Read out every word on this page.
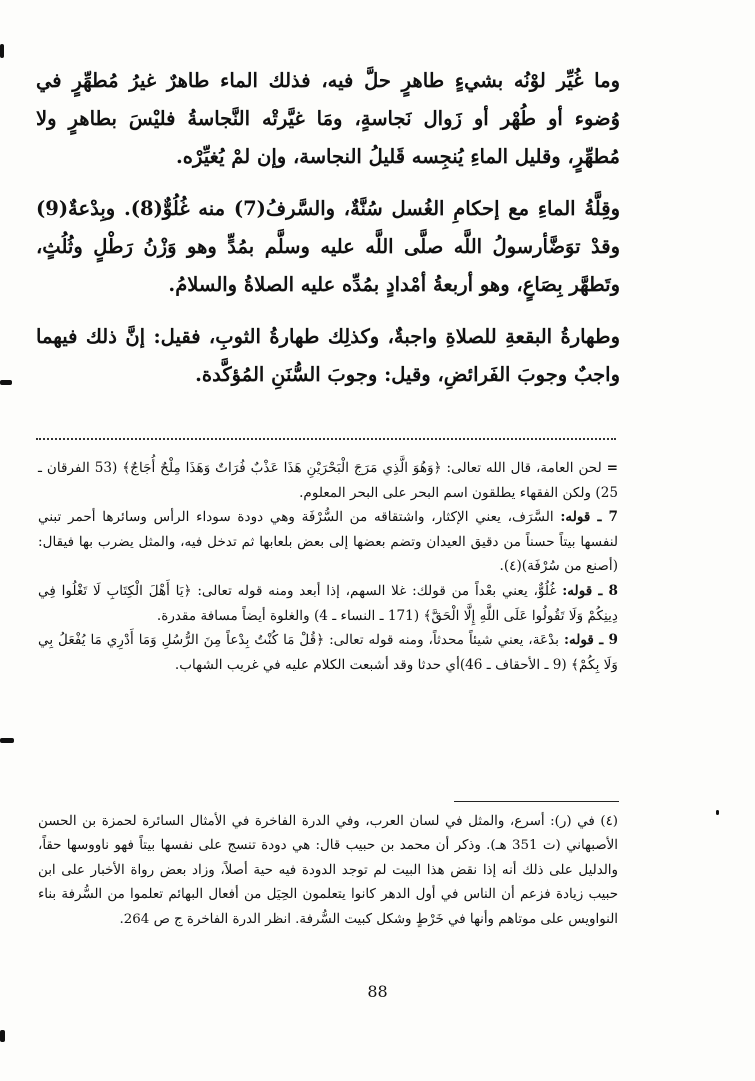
وما غُيِّر لوْنُه بشيءٍ طاهرٍ حلَّ فيه، فذلك الماء طاهرٌ غيرُ مُطهِّرٍ في وُضوء أو طُهْر أو زَوال نَجاسةٍ، ومَا غيَّرتْه النَّجاسةُ فليْسَ بطاهرٍ ولا مُطهِّرٍ، وقليل الماءِ يُنجِسه قَليلُ النجاسة، وإن لمْ يُغيِّرْه.

وقِلَّةُ الماءِ مع إحكامِ الغُسل سُنَّةٌ، والسَّرفُ(7) منه غُلُوٌّ(8). وبِدْعةٌ(9) وقدْ توَضَّأرسولُ اللَّه صلَّى اللَّه عليه وسلَّم بمُدٍّ وهو وَزْنُ رَطْلٍ وثُلُثٍ، وتَطهَّر بِصَاعٍ، وهو أربعةُ أمْدادٍ بمُدِّه عليه الصلاةُ والسلامُ.

وطهارةُ البقعةِ للصلاةِ واجبةٌ، وكذلِك طهارةُ الثوبِ، فقيل: إنَّ ذلك فيهما واجبٌ وجوبَ الفَرائضِ، وقيل: وجوبَ السُّنَنِ المُؤكَّدة.

= لحن العامة، قال الله تعالى: ﴿وَهُوَ الَّذِي مَرَجَ الْبَحْرَيْنِ هَذَا عَذْبٌ فُرَاتٌ وَهَذَا مِلْحٌ أُجَاجٌ﴾ (53 الفرقان ـ 25) ولكن الفقهاء يطلقون اسم البحر على البحر المعلوم.

7 ـ قوله: السَّرَف، يعني الإكثار، واشتقاقه من السُّرْفَة وهي دودة سوداء الرأس وسائرها أحمر تبني لنفسها بيتاً حسناً من دقيق العيدان وتضم بعضها إلى بعض بلعابها ثم تدخل فيه، والمثل يضرب بها فيقال: (أصنع من سُرْفَة)(٤).

8 ـ قوله: غُلُوٌّ، يعني بعْداً من قولك: غلا السهم، إذا أبعد ومنه قوله تعالى: ﴿يَا أَهْلَ الْكِتَابِ لَا تَغْلُوا فِي دِينِكُمْ وَلَا تَقُولُوا عَلَى اللَّهِ إِلَّا الْحَقَّ﴾ (171 ـ النساء ـ 4) والغلوة أيضاً مسافة مقدرة.

9 ـ قوله: بدْعَة، يعني شيئاً محدثاً، ومنه قوله تعالى: ﴿قُلْ مَا كُنْتُ بِدْعاً مِنَ الرُّسُلِ وَمَا أَدْرِي مَا يُفْعَلُ بِي وَلَا بِكُمْ﴾ (9 ـ الأحقاف ـ 46)أي حدثا وقد أشبعت الكلام عليه في غريب الشهاب.

(٤) في (ر): أسرع، والمثل في لسان العرب، وفي الدرة الفاخرة في الأمثال السائرة لحمزة بن الحسن الأصبهاني (ت 351 هـ). وذكر أن محمد بن حبيب قال: هي دودة تنسج على نفسها بيتاً فهو ناووسها حقاً، والدليل على ذلك أنه إذا نقض هذا البيت لم توجد الدودة فيه حية أصلاً، وزاد بعض رواة الأخبار على ابن حبيب زيادة فزعم أن الناس في أول الدهر كانوا يتعلمون الحِيَل من أفعال البهائم تعلموا من السُّرفة بناء النواويس على موتاهم وأنها في خَرْطٍ وشكل كبيت السُّرفة. انظر الدرة الفاخرة ج ص 264.

88
